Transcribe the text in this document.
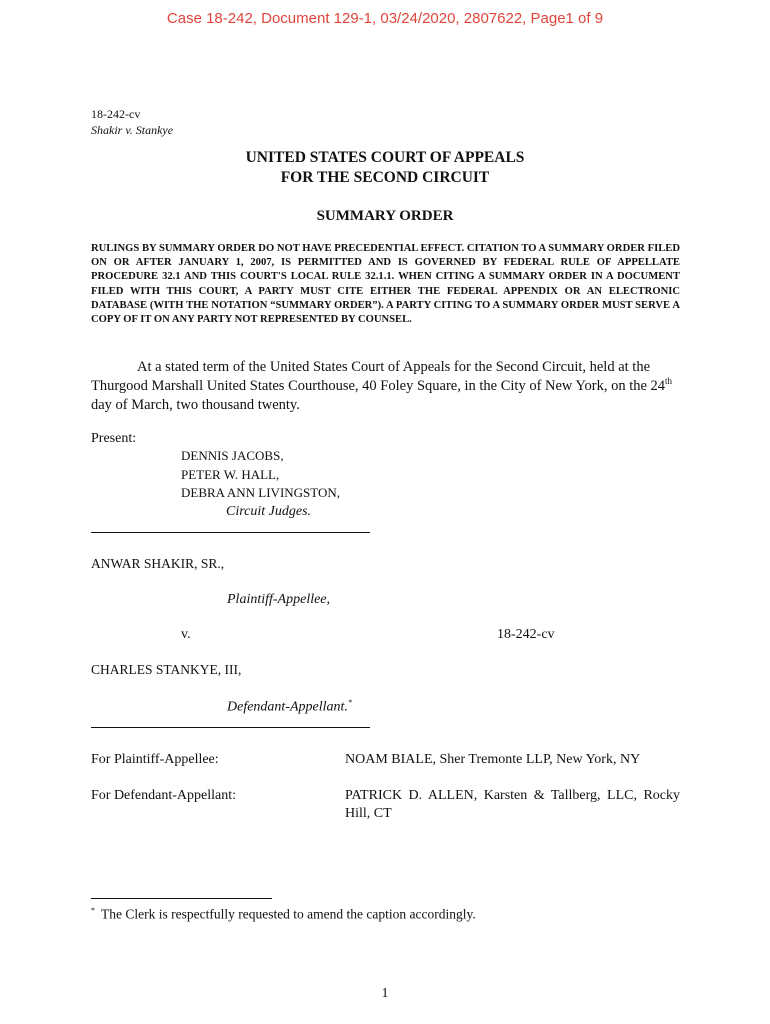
Case 18-242, Document 129-1, 03/24/2020, 2807622, Page1 of 9
18-242-cv
Shakir v. Stankye
UNITED STATES COURT OF APPEALS
FOR THE SECOND CIRCUIT
SUMMARY ORDER
RULINGS BY SUMMARY ORDER DO NOT HAVE PRECEDENTIAL EFFECT. CITATION TO A SUMMARY ORDER FILED ON OR AFTER JANUARY 1, 2007, IS PERMITTED AND IS GOVERNED BY FEDERAL RULE OF APPELLATE PROCEDURE 32.1 AND THIS COURT'S LOCAL RULE 32.1.1. WHEN CITING A SUMMARY ORDER IN A DOCUMENT FILED WITH THIS COURT, A PARTY MUST CITE EITHER THE FEDERAL APPENDIX OR AN ELECTRONIC DATABASE (WITH THE NOTATION “SUMMARY ORDER”). A PARTY CITING TO A SUMMARY ORDER MUST SERVE A COPY OF IT ON ANY PARTY NOT REPRESENTED BY COUNSEL.
At a stated term of the United States Court of Appeals for the Second Circuit, held at the Thurgood Marshall United States Courthouse, 40 Foley Square, in the City of New York, on the 24th day of March, two thousand twenty.
Present:
DENNIS JACOBS,
PETER W. HALL,
DEBRA ANN LIVINGSTON,
Circuit Judges.
ANWAR SHAKIR, SR.,
Plaintiff-Appellee,
v.	18-242-cv
CHARLES STANKYE, III,
Defendant-Appellant.*
For Plaintiff-Appellee:	NOAM BIALE, Sher Tremonte LLP, New York, NY
For Defendant-Appellant:	PATRICK D. ALLEN, Karsten & Tallberg, LLC, Rocky Hill, CT
* The Clerk is respectfully requested to amend the caption accordingly.
1
